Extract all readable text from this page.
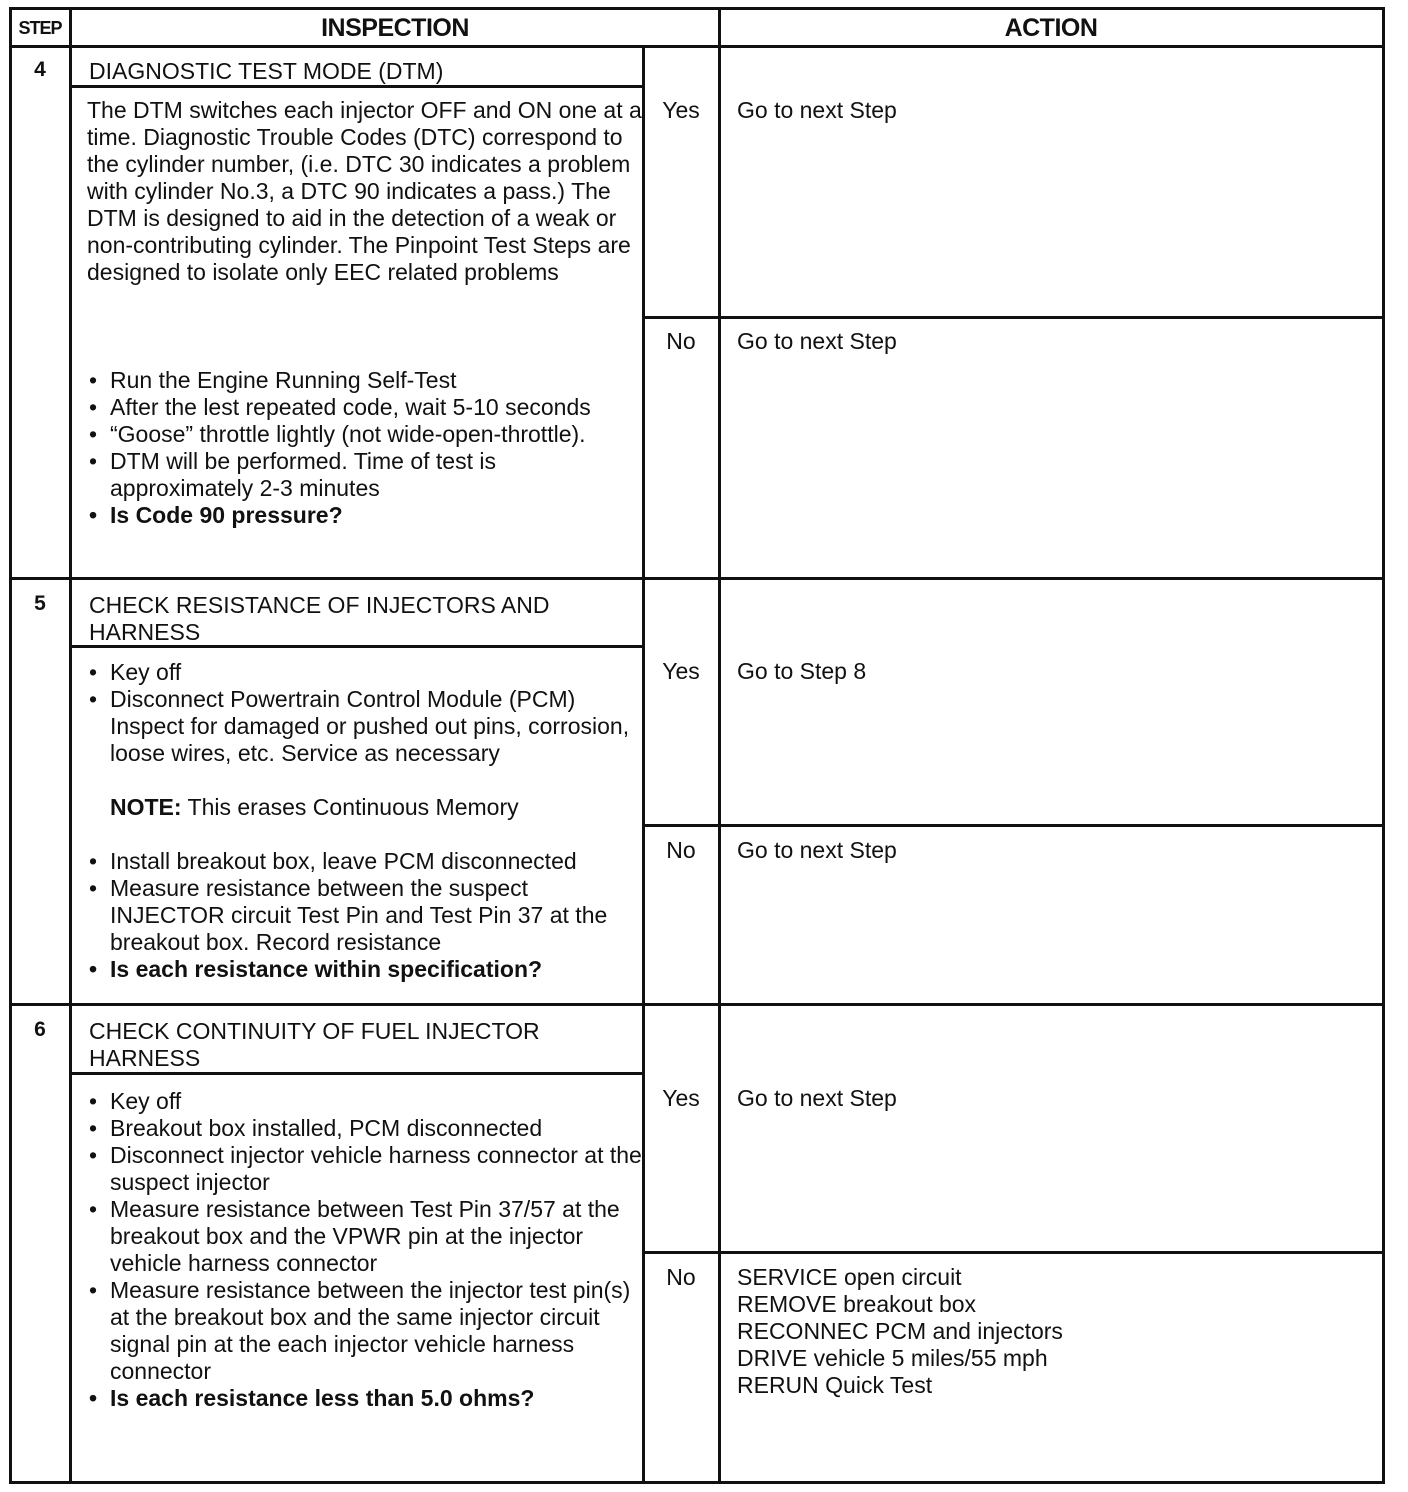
STEP	INSPECTION	ACTION
4	DIAGNOSTIC TEST MODE (DTM)

The DTM switches each injector OFF and ON one at a time. Diagnostic Trouble Codes (DTC) correspond to the cylinder number, (i.e. DTC 30 indicates a problem with cylinder No.3, a DTC 90 indicates a pass.) The DTM is designed to aid in the detection of a weak or non-contributing cylinder. The Pinpoint Test Steps are designed to isolate only EEC related problems

• Run the Engine Running Self-Test
• After the lest repeated code, wait 5-10 seconds
• “Goose” throttle lightly (not wide-open-throttle).
• DTM will be performed. Time of test is approximately 2-3 minutes
• Is Code 90 pressure?
Yes	Go to next Step
No	Go to next Step
5	CHECK RESISTANCE OF INJECTORS AND HARNESS
• Key off
• Disconnect Powertrain Control Module (PCM) Inspect for damaged or pushed out pins, corrosion, loose wires, etc. Service as necessary
NOTE: This erases Continuous Memory
• Install breakout box, leave PCM disconnected
• Measure resistance between the suspect INJECTOR circuit Test Pin and Test Pin 37 at the breakout box. Record resistance
• Is each resistance within specification?
Yes	Go to Step 8
No	Go to next Step
6	CHECK CONTINUITY OF FUEL INJECTOR HARNESS
• Key off
• Breakout box installed, PCM disconnected
• Disconnect injector vehicle harness connector at the suspect injector
• Measure resistance between Test Pin 37/57 at the breakout box and the VPWR pin at the injector vehicle harness connector
• Measure resistance between the injector test pin(s) at the breakout box and the same injector circuit signal pin at the each injector vehicle harness connector
• Is each resistance less than 5.0 ohms?
Yes	Go to next Step
No	SERVICE open circuit
REMOVE breakout box
RECONNEC PCM and injectors
DRIVE vehicle 5 miles/55 mph
RERUN Quick Test
